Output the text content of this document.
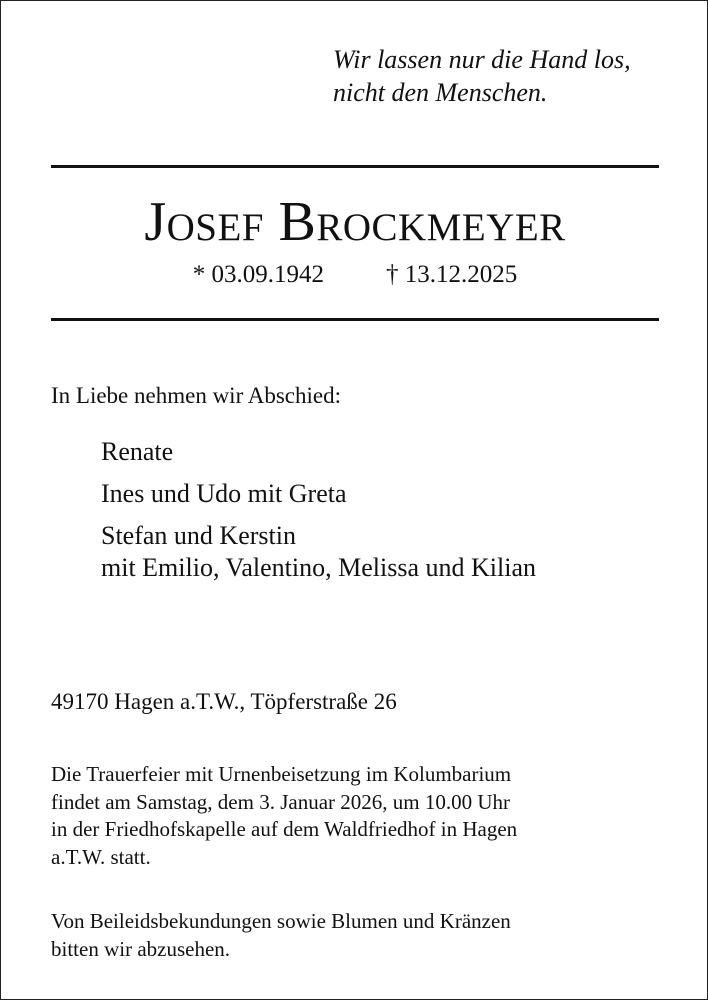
Wir lassen nur die Hand los,
nicht den Menschen.
Josef Brockmeyer
* 03.09.1942 † 13.12.2025
In Liebe nehmen wir Abschied:
Renate
Ines und Udo mit Greta
Stefan und Kerstin
mit Emilio, Valentino, Melissa und Kilian
49170 Hagen a.T.W., Töpferstraße 26
Die Trauerfeier mit Urnenbeisetzung im Kolumbarium
findet am Samstag, dem 3. Januar 2026, um 10.00 Uhr
in der Friedhofskapelle auf dem Waldfriedhof in Hagen
a.T.W. statt.
Von Beileidsbekundungen sowie Blumen und Kränzen
bitten wir abzusehen.
